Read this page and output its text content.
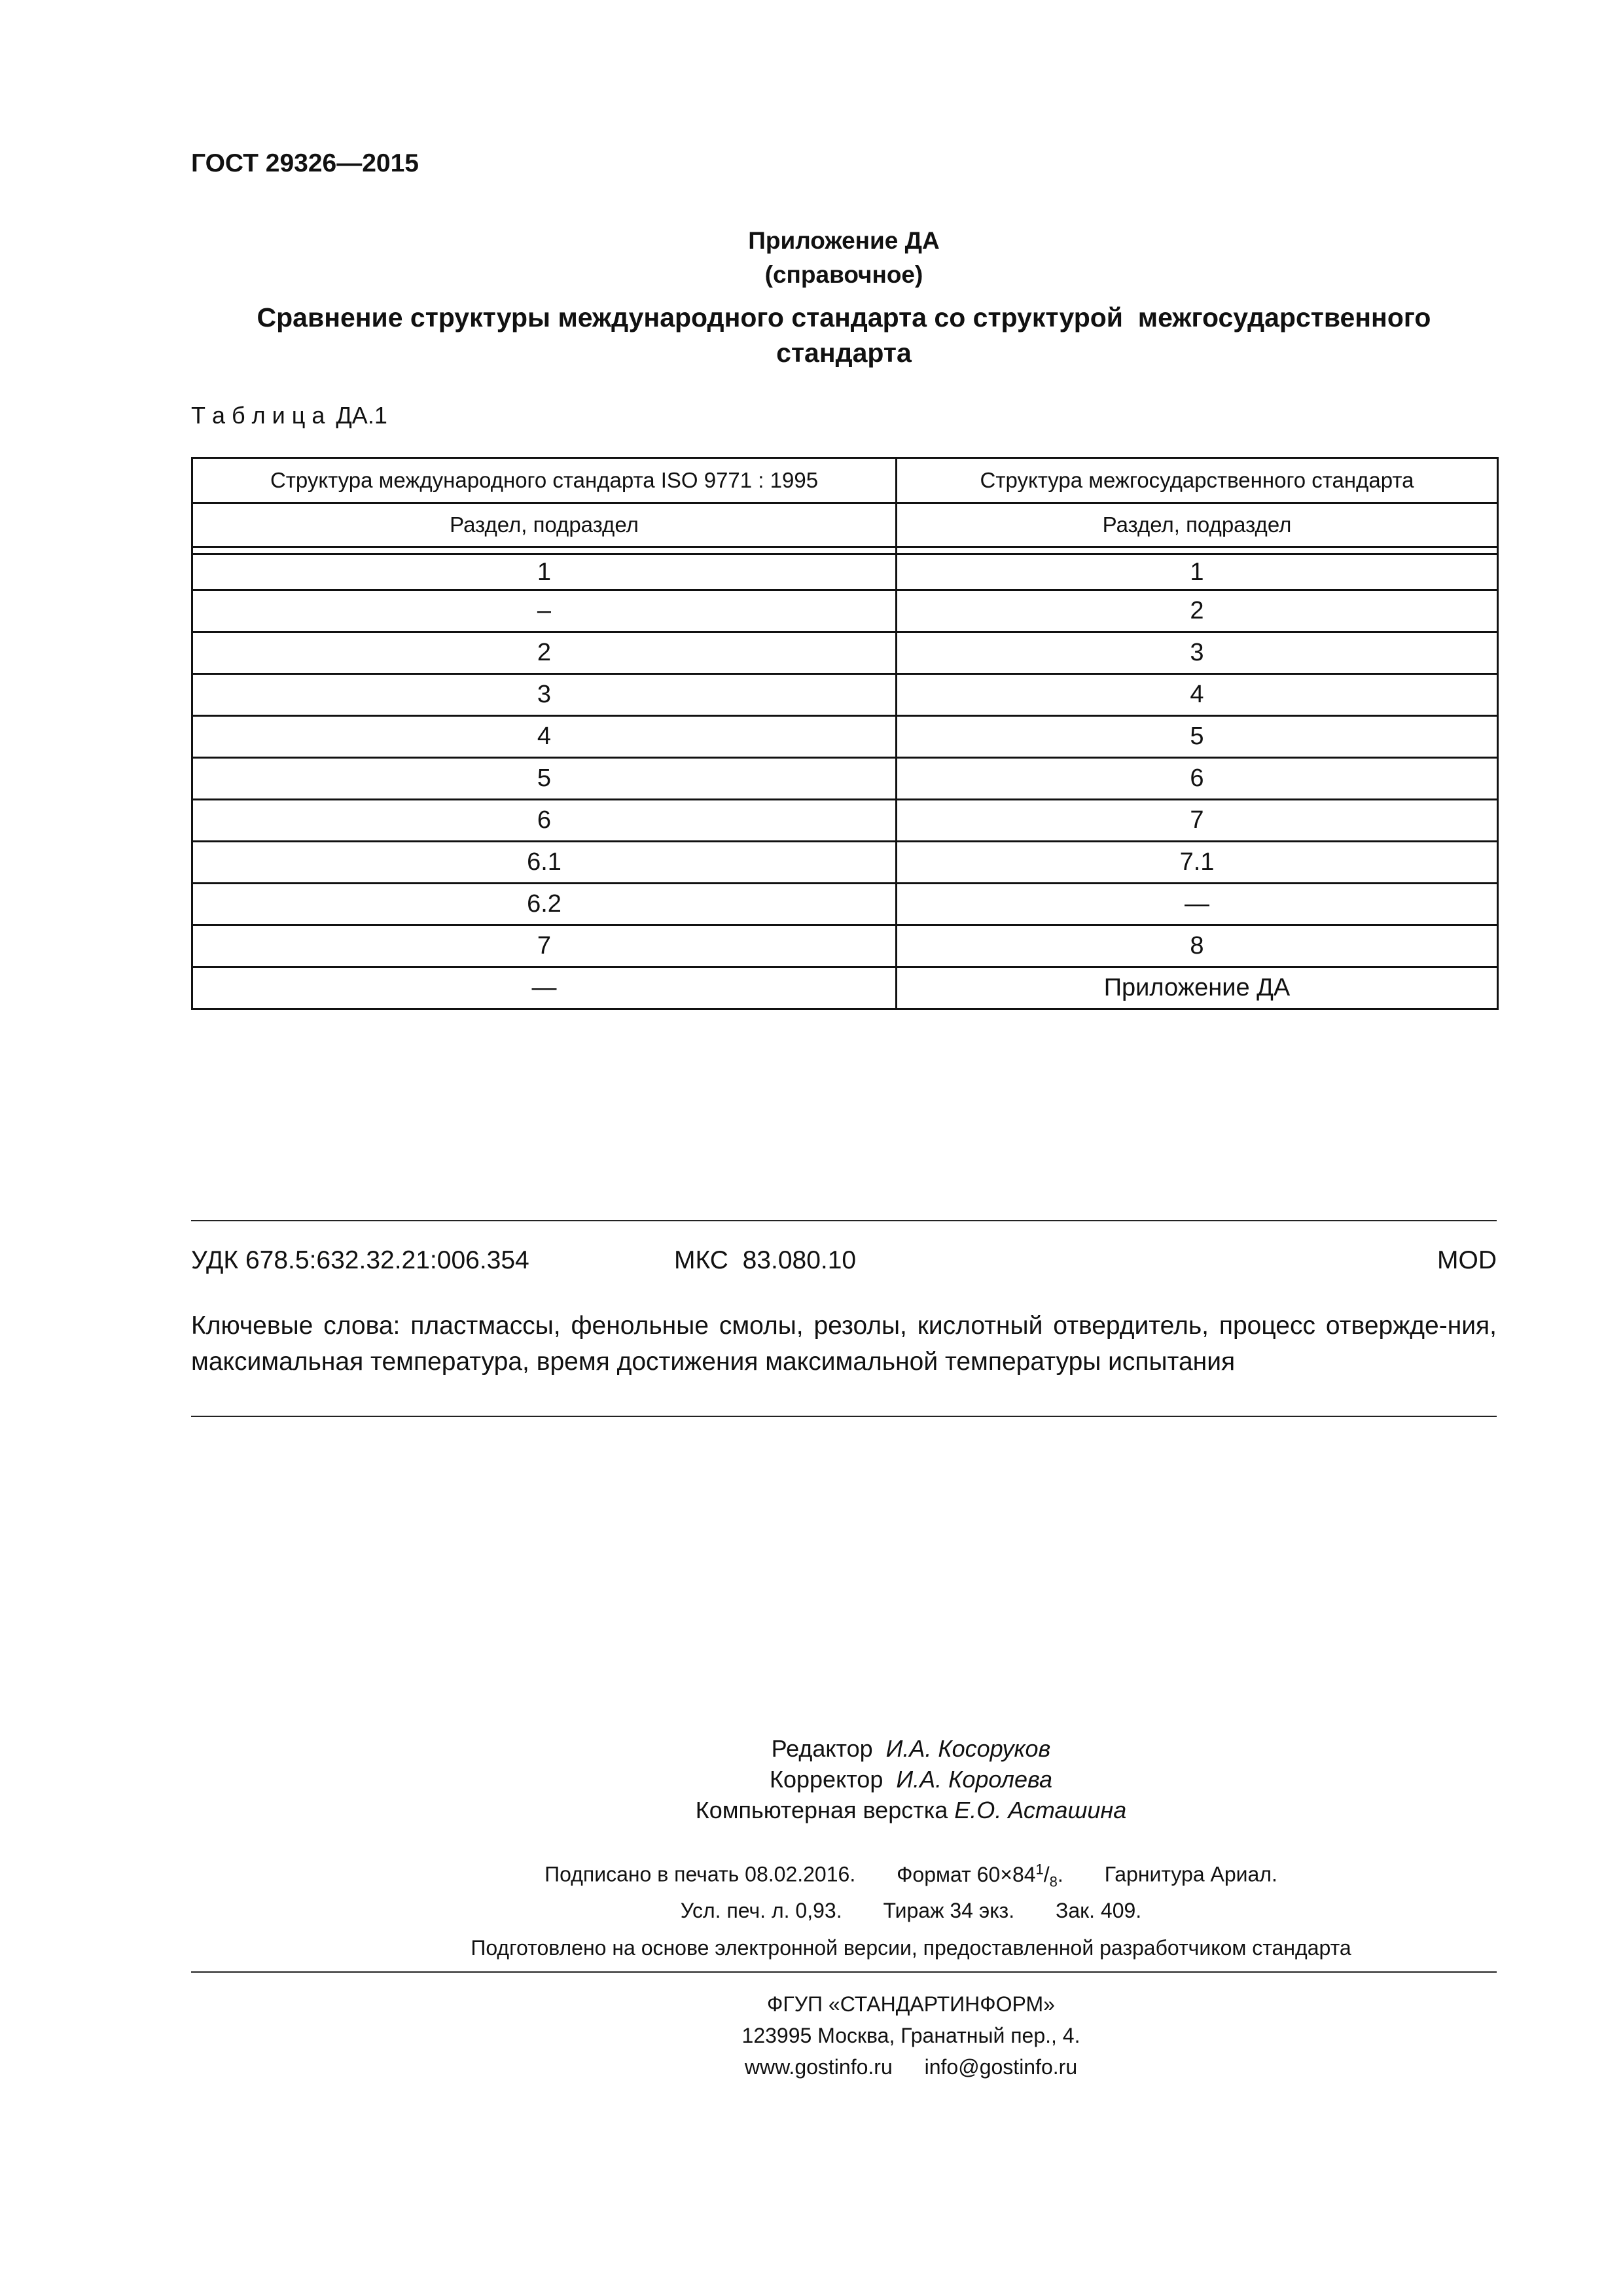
ГОСТ 29326—2015
Приложение ДА
(справочное)
Сравнение структуры международного стандарта со структурой  межгосударственного
стандарта
Т а б л и ц а ДА.1
Структура международного стандарта ISO 9771 : 1995	Структура межгосударственного стандарта
Раздел, подраздел	Раздел, подраздел

1	1
–	2
2	3
3	4
4	5
5	6
6	7
6.1	7.1
6.2	—
7	8
—	Приложение ДА
УДК 678.5:632.32.21:006.354	МКС  83.080.10	MOD
Ключевые слова: пластмассы, фенольные смолы, резолы, кислотный отвердитель, процесс отвержде-ния, максимальная температура, время достижения максимальной температуры испытания
Редактор И.А. Косоруков
Корректор И.А. Королева
Компьютерная верстка Е.О. Асташина
Подписано в печать 08.02.2016. Формат $60\times 84^1/_8$. Гарнитура Ариал.
Усл. печ. л. 0,93. Тираж 34 экз. Зак. 409.
Подготовлено на основе электронной версии, предоставленной разработчиком стандарта
ФГУП «СТАНДАРТИНФОРМ»
123995 Москва, Гранатный пер., 4.
www.gostinfo.ru info@gostinfo.ru
